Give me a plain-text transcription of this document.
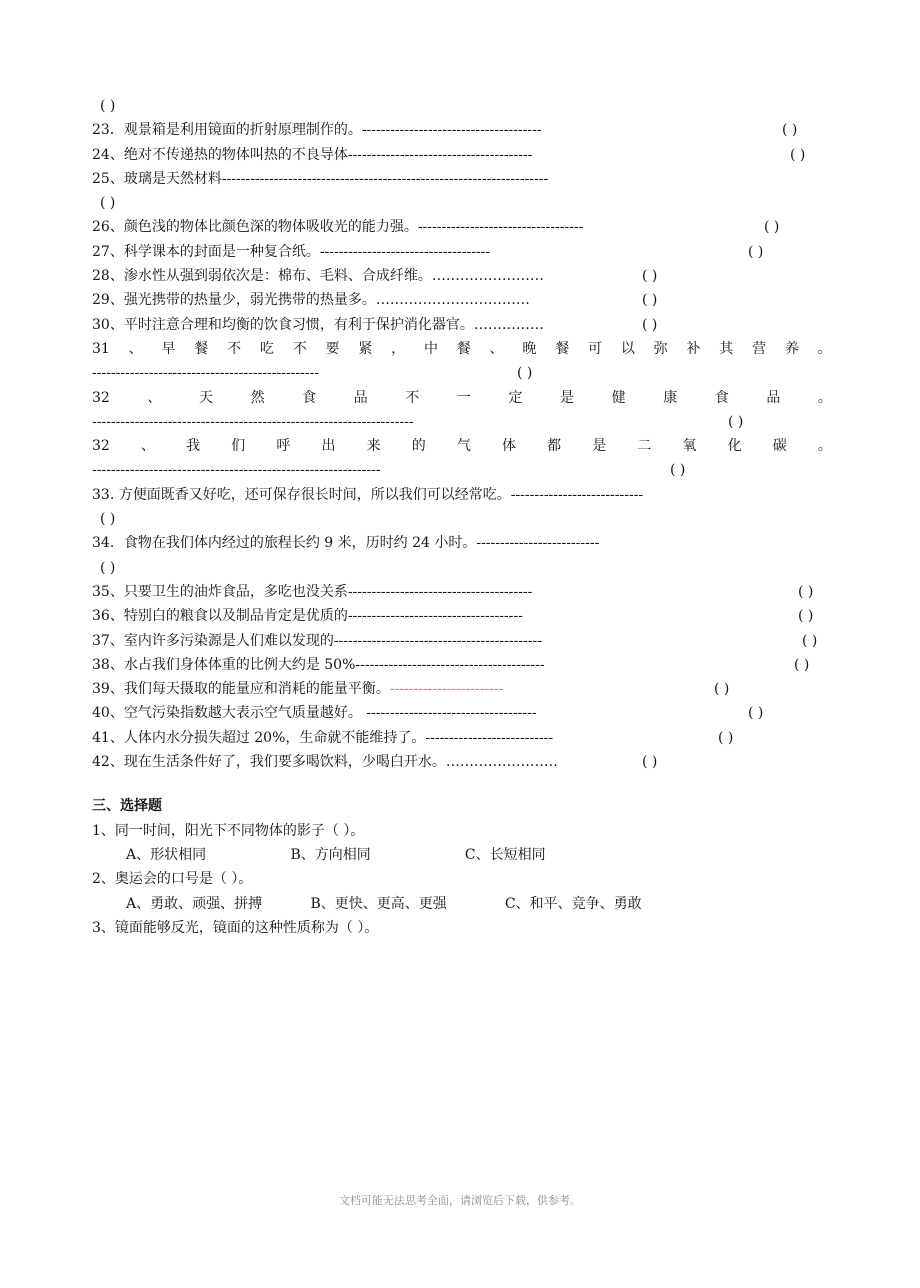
( )
23．观景箱是利用镜面的折射原理制作的。--------------------------------------	( )
24、绝对不传递热的物体叫热的不良导体---------------------------------------	( )
25、玻璃是天然材料---------------------------------------------------------------------
( )
26、颜色浅的物体比颜色深的物体吸收光的能力强。-----------------------------------	( )
27、科学课本的封面是一种复合纸。------------------------------------	( )
28、渗水性从强到弱依次是：棉布、毛料、合成纤维。……………………	( )
29、强光携带的热量少，弱光携带的热量多。……………………………	( )
30、平时注意合理和均衡的饮食习惯，有利于保护消化器官。……………	( )
31 、 早 餐 不 吃 不 要 紧 ， 中 餐 、 晚 餐 可 以 弥 补 其 营 养 。
------------------------------------------------	( )
32	、	天	然	食	品	不	一	定	是	健	康	食	品	。
--------------------------------------------------------------------	( )
32 、 我 们 呼 出 来 的 气 体 都 是 二 氧 化 碳 。
-------------------------------------------------------------	( )
33. 方便面既香又好吃，还可保存很长时间，所以我们可以经常吃。----------------------------
( )
34．食物在我们体内经过的旅程长约 9 米，历时约 24 小时。--------------------------
( )
35、只要卫生的油炸食品，多吃也没关系---------------------------------------	( )
36、特别白的粮食以及制品肯定是优质的-------------------------------------	( )
37、室内许多污染源是人们难以发现的--------------------------------------------	( )
38、水占我们身体体重的比例大约是 50%----------------------------------------	( )
39、我们每天摄取的能量应和消耗的能量平衡。------------------------	( )
40、空气污染指数越大表示空气质量越好。 ------------------------------------	( )
41、人体内水分损失超过 20%，生命就不能维持了。---------------------------	( )
42、现在生活条件好了，我们要多喝饮料，少喝白开水。……………………	( )
三、选择题
1、同一时间，阳光下不同物体的影子（ ）。
A、形状相同	B、方向相同	C、长短相同
2、奥运会的口号是（ ）。
A、勇敢、顽强、拼搏	B、更快、更高、更强	C、和平、竞争、勇敢
3、镜面能够反光，镜面的这种性质称为（ ）。
文档可能无法思考全面，请浏览后下载，供参考。
